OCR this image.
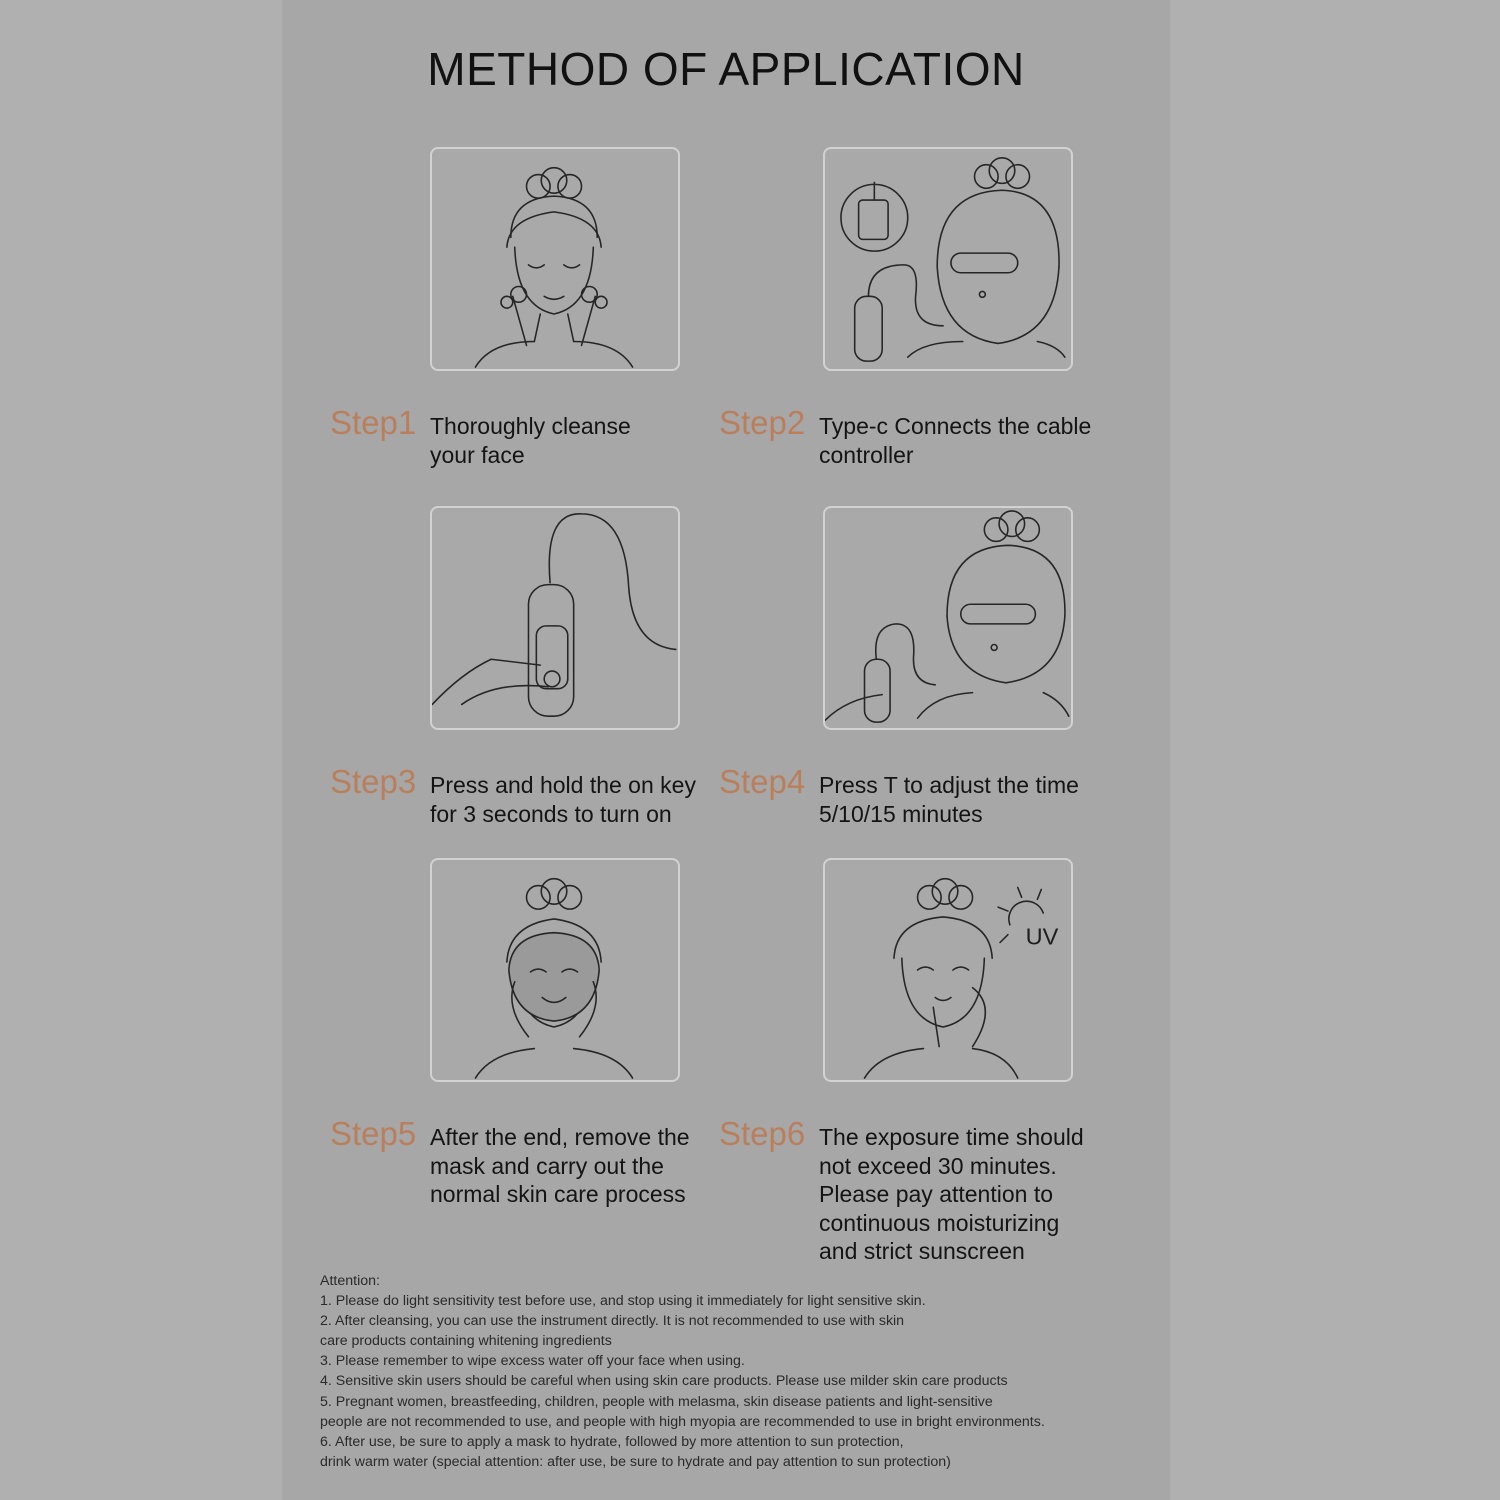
METHOD OF APPLICATION
UV
Step1 Thoroughly cleanse
your face
Step2 Type-c Connects the cable
controller
Step3 Press and hold the on key
for 3 seconds to turn on
Step4 Press T to adjust the time
5/10/15 minutes
Step5 After the end, remove the
mask and carry out the
normal skin care process
Step6 The exposure time should
not exceed 30 minutes.
Please pay attention to
continuous moisturizing
and strict sunscreen
Attention:
1. Please do light sensitivity test before use, and stop using it immediately for light sensitive skin.
2. After cleansing, you can use the instrument directly. It is not recommended to use with skin
care products containing whitening ingredients
3. Please remember to wipe excess water off your face when using.
4. Sensitive skin users should be careful when using skin care products. Please use milder skin care products
5. Pregnant women, breastfeeding, children, people with melasma, skin disease patients and light-sensitive
people are not recommended to use, and people with high myopia are recommended to use in bright environments.
6. After use, be sure to apply a mask to hydrate, followed by more attention to sun protection,
drink warm water (special attention: after use, be sure to hydrate and pay attention to sun protection)
